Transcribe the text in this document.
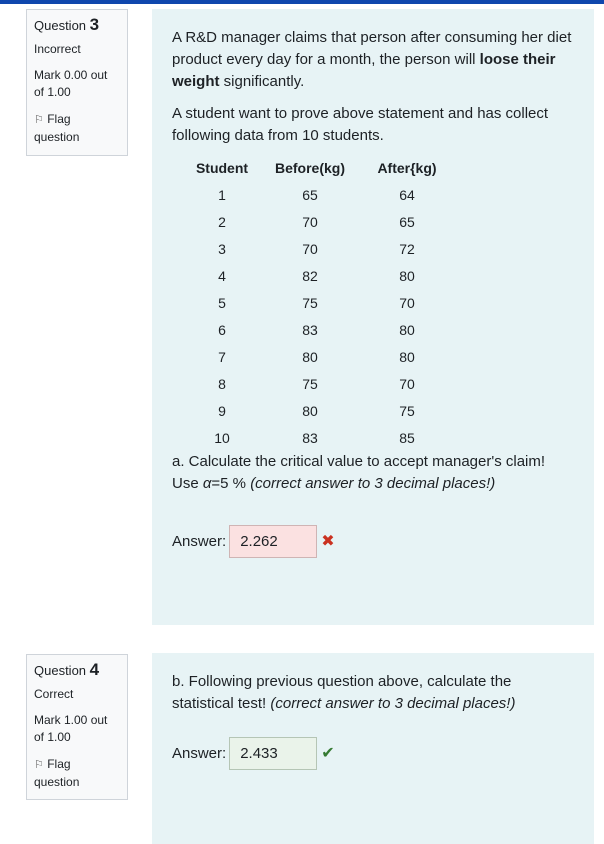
Question 3
Incorrect
Mark 0.00 out
of 1.00
⚐ Flag
question

A R&D manager claims that person after consuming her diet product every day for a month, the person will loose their weight significantly.

A student want to prove above statement and has collect following data from 10 students.

Student	Before(kg)	After{kg)
1	65	64
2	70	65
3	70	72
4	82	80
5	75	70
6	83	80
7	80	80
8	75	70
9	80	75
10	83	85

a. Calculate the critical value to accept manager's claim! Use α=5 % (correct answer to 3 decimal places!)

Answer:
2.262	✖
Question 4
Correct
Mark 1.00 out
of 1.00
⚐ Flag
question

b. Following previous question above, calculate the statistical test! (correct answer to 3 decimal places!)

Answer:
2.433	✔
